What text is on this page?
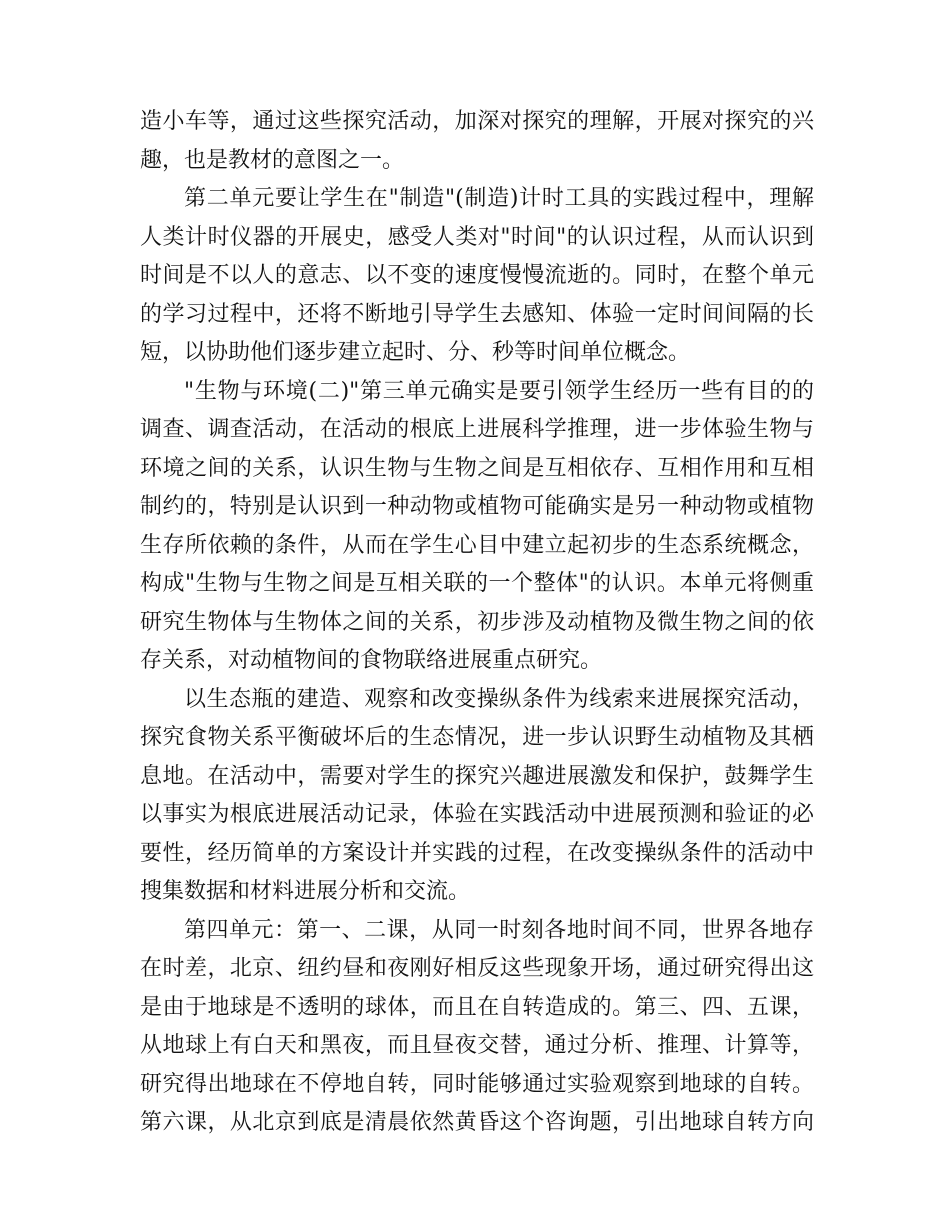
造小车等，通过这些探究活动，加深对探究的理解，开展对探究的兴
趣，也是教材的意图之一。
第二单元要让学生在"制造"(制造)计时工具的实践过程中，理解
人类计时仪器的开展史，感受人类对"时间"的认识过程，从而认识到
时间是不以人的意志、以不变的速度慢慢流逝的。同时，在整个单元
的学习过程中，还将不断地引导学生去感知、体验一定时间间隔的长
短，以协助他们逐步建立起时、分、秒等时间单位概念。
"生物与环境(二)"第三单元确实是要引领学生经历一些有目的的
调查、调查活动，在活动的根底上进展科学推理，进一步体验生物与
环境之间的关系，认识生物与生物之间是互相依存、互相作用和互相
制约的，特别是认识到一种动物或植物可能确实是另一种动物或植物
生存所依赖的条件，从而在学生心目中建立起初步的生态系统概念，
构成"生物与生物之间是互相关联的一个整体"的认识。本单元将侧重
研究生物体与生物体之间的关系，初步涉及动植物及微生物之间的依
存关系，对动植物间的食物联络进展重点研究。
以生态瓶的建造、观察和改变操纵条件为线索来进展探究活动，
探究食物关系平衡破坏后的生态情况，进一步认识野生动植物及其栖
息地。在活动中，需要对学生的探究兴趣进展激发和保护，鼓舞学生
以事实为根底进展活动记录，体验在实践活动中进展预测和验证的必
要性，经历简单的方案设计并实践的过程，在改变操纵条件的活动中
搜集数据和材料进展分析和交流。
第四单元：第一、二课，从同一时刻各地时间不同，世界各地存
在时差，北京、纽约昼和夜刚好相反这些现象开场，通过研究得出这
是由于地球是不透明的球体，而且在自转造成的。第三、四、五课，
从地球上有白天和黑夜，而且昼夜交替，通过分析、推理、计算等，
研究得出地球在不停地自转，同时能够通过实验观察到地球的自转。
第六课，从北京到底是清晨依然黄昏这个咨询题，引出地球自转方向
